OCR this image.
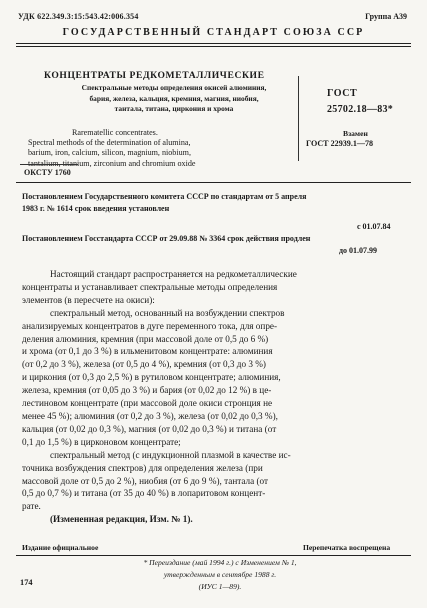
УДК 622.349.3:15:543.42:006.354	Группа А39
ГОСУДАРСТВЕННЫЙ СТАНДАРТ СОЮЗА ССР
КОНЦЕНТРАТЫ РЕДКОМЕТАЛЛИЧЕСКИЕ
Спектральные методы определения окисей алюминия,
бария, железа, кальция, кремния, магния, ниобия,
тантала, титана, циркония и хрома
Rarematellic concentrates.
Spectral methods of the determination of alumina,
barium, iron, calcium, silicon, magnium, niobium,
tantalium, titanium, zirconium and chromium oxide
ГОСТ
25702.18—83*
Взамен
ГОСТ 22939.1—78
ОКСТУ 1760
Постановлением Государственного комитета СССР по стандартам от 5 апреля
1983 г. № 1614 срок введения установлен
с 01.07.84
Постановлением Госстандарта СССР от 29.09.88 № 3364 срок действия продлен
до 01.07.99
Настоящий стандарт распространяется на редкометаллические
концентраты и устанавливает спектральные методы определения
элементов (в пересчете на окиси):
спектральный метод, основанный на возбуждении спектров
анализируемых концентратов в дуге переменного тока, для опре-
деления алюминия, кремния (при массовой доле от 0,5 до 6 %)
и хрома (от 0,1 до 3 %) в ильменитовом концентрате: алюминия
(от 0,2 до 3 %), железа (от 0,5 до 4 %), кремния (от 0,3 до 3 %)
и циркония (от 0,3 до 2,5 %) в рутиловом концентрате; алюминия,
железа, кремния (от 0,05 до 3 %) и бария (от 0,02 до 12 %) в це-
лестиновом концентрате (при массовой доле окиси стронция не
менее 45 %); алюминия (от 0,2 до 3 %), железа (от 0,02 до 0,3 %),
кальция (от 0,02 до 0,3 %), магния (от 0,02 до 0,3 %) и титана (от
0,1 до 1,5 %) в цирконовом концентрате;
спектральный метод (с индукционной плазмой в качестве ис-
точника возбуждения спектров) для определения железа (при
массовой доле от 0,5 до 2 %), ниобия (от 6 до 9 %), тантала (от
0,5 до 0,7 %) и титана (от 35 до 40 %) в лопаритовом концент-
рате.
(Измененная редакция, Изм. № 1).
Издание официальное	Перепечатка воспрещена
* Переиздание (май 1994 г.) с Изменением № 1,
утвержденным в сентябре 1988 г.
(ИУС 1—89).
174
